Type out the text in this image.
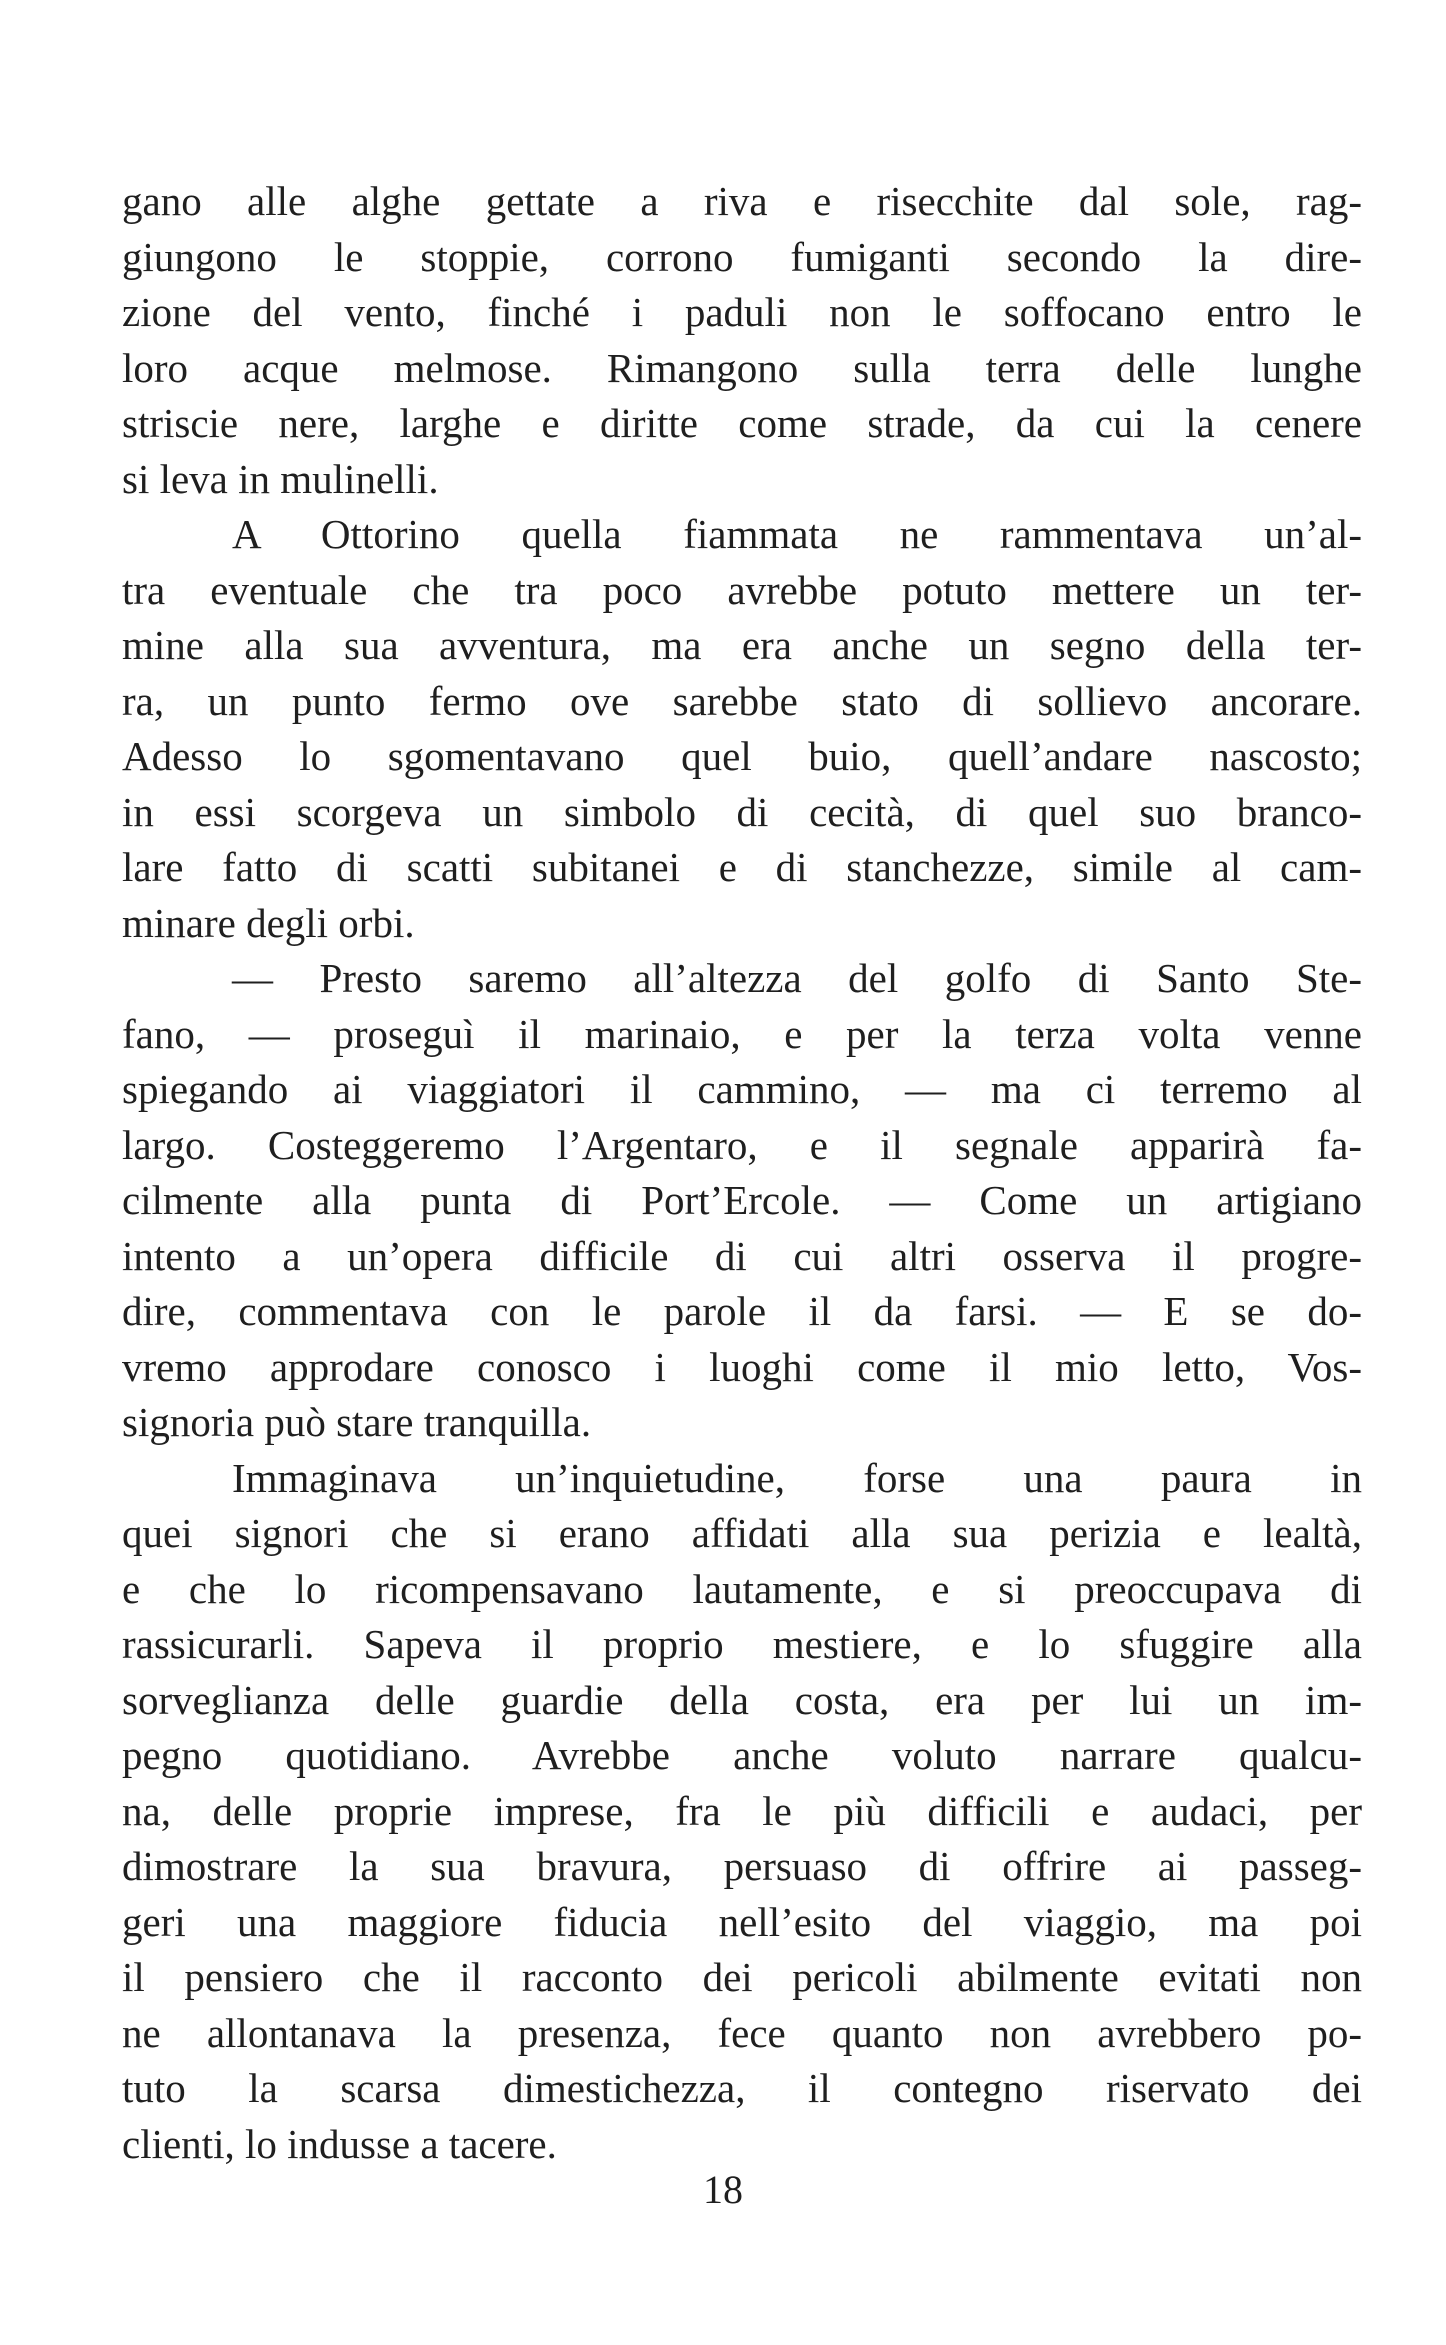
gano alle alghe gettate a riva e risecchite dal sole, rag-
giungono le stoppie, corrono fumiganti secondo la dire-
zione del vento, finché i paduli non le soffocano entro le
loro acque melmose. Rimangono sulla terra delle lunghe
striscie nere, larghe e diritte come strade, da cui la cenere
si leva in mulinelli.
A Ottorino quella fiammata ne rammentava un’al-
tra eventuale che tra poco avrebbe potuto mettere un ter-
mine alla sua avventura, ma era anche un segno della ter-
ra, un punto fermo ove sarebbe stato di sollievo ancorare.
Adesso lo sgomentavano quel buio, quell’andare nascosto;
in essi scorgeva un simbolo di cecità, di quel suo branco-
lare fatto di scatti subitanei e di stanchezze, simile al cam-
minare degli orbi.
— Presto saremo all’altezza del golfo di Santo Ste-
fano, — proseguì il marinaio, e per la terza volta venne
spiegando ai viaggiatori il cammino, — ma ci terremo al
largo. Costeggeremo l’Argentaro, e il segnale apparirà fa-
cilmente alla punta di Port’Ercole. — Come un artigiano
intento a un’opera difficile di cui altri osserva il progre-
dire, commentava con le parole il da farsi. — E se do-
vremo approdare conosco i luoghi come il mio letto, Vos-
signoria può stare tranquilla.
Immaginava un’inquietudine, forse una paura in
quei signori che si erano affidati alla sua perizia e lealtà,
e che lo ricompensavano lautamente, e si preoccupava di
rassicurarli. Sapeva il proprio mestiere, e lo sfuggire alla
sorveglianza delle guardie della costa, era per lui un im-
pegno quotidiano. Avrebbe anche voluto narrare qualcu-
na, delle proprie imprese, fra le più difficili e audaci, per
dimostrare la sua bravura, persuaso di offrire ai passeg-
geri una maggiore fiducia nell’esito del viaggio, ma poi
il pensiero che il racconto dei pericoli abilmente evitati non
ne allontanava la presenza, fece quanto non avrebbero po-
tuto la scarsa dimestichezza, il contegno riservato dei
clienti, lo indusse a tacere.
18
